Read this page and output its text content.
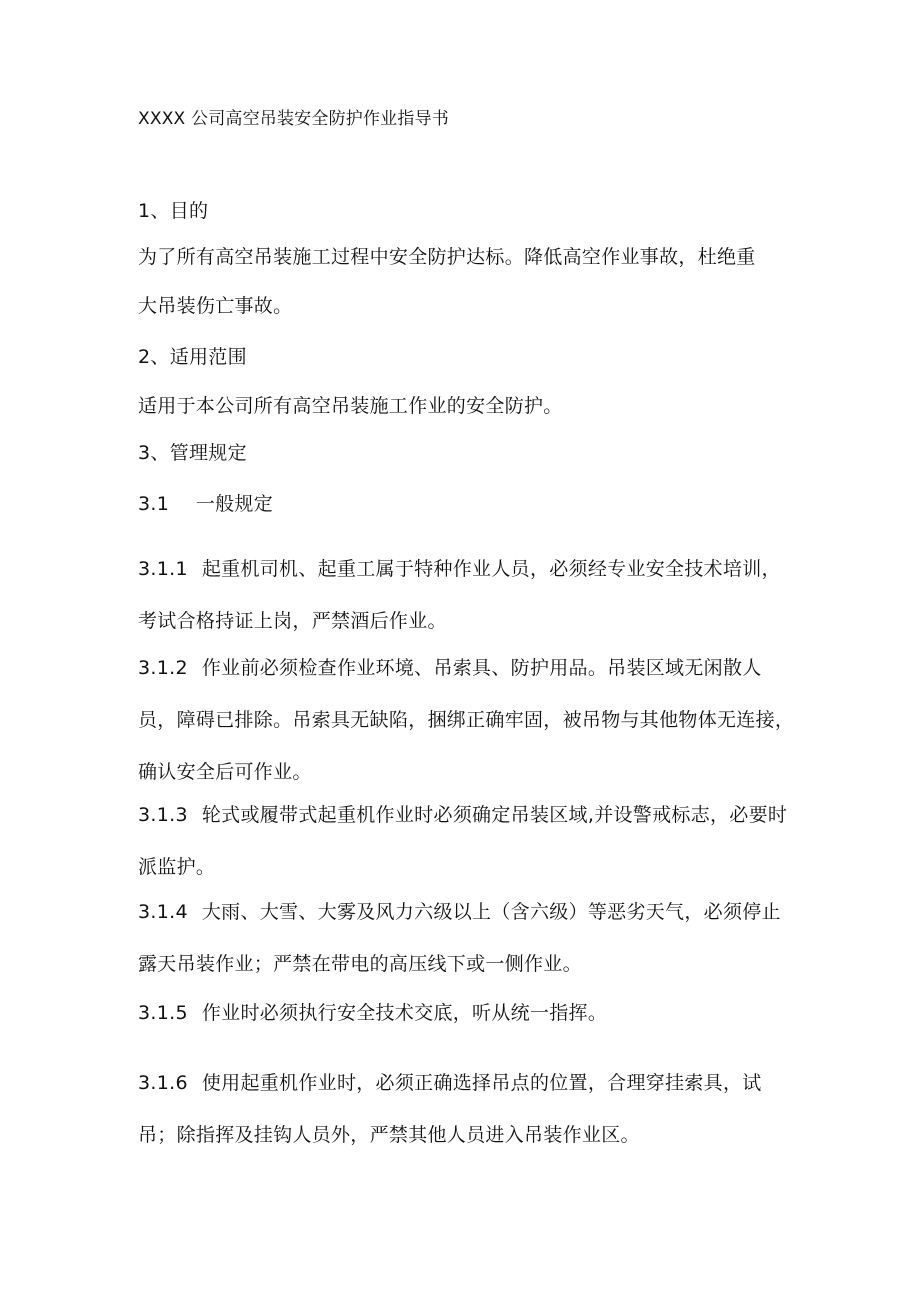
XXXX 公司高空吊装安全防护作业指导书

1、目的

为了所有高空吊装施工过程中安全防护达标。降低高空作业事故，杜绝重

大吊装伤亡事故。

2、适用范围

适用于本公司所有高空吊装施工作业的安全防护。

3、管理规定

3.1 一般规定

3.1.1 起重机司机、起重工属于特种作业人员，必须经专业安全技术培训，考试合格持证上岗，严禁酒后作业。

3.1.2 作业前必须检查作业环境、吊索具、防护用品。吊装区域无闲散人员，障碍已排除。吊索具无缺陷，捆绑正确牢固，被吊物与其他物体无连接，确认安全后可作业。

3.1.3 轮式或履带式起重机作业时必须确定吊装区域,并设警戒标志，必要时派监护。

3.1.4 大雨、大雪、大雾及风力六级以上（含六级）等恶劣天气，必须停止露天吊装作业；严禁在带电的高压线下或一侧作业。

3.1.5 作业时必须执行安全技术交底，听从统一指挥。

3.1.6 使用起重机作业时，必须正确选择吊点的位置，合理穿挂索具，试吊；除指挥及挂钩人员外，严禁其他人员进入吊装作业区。
